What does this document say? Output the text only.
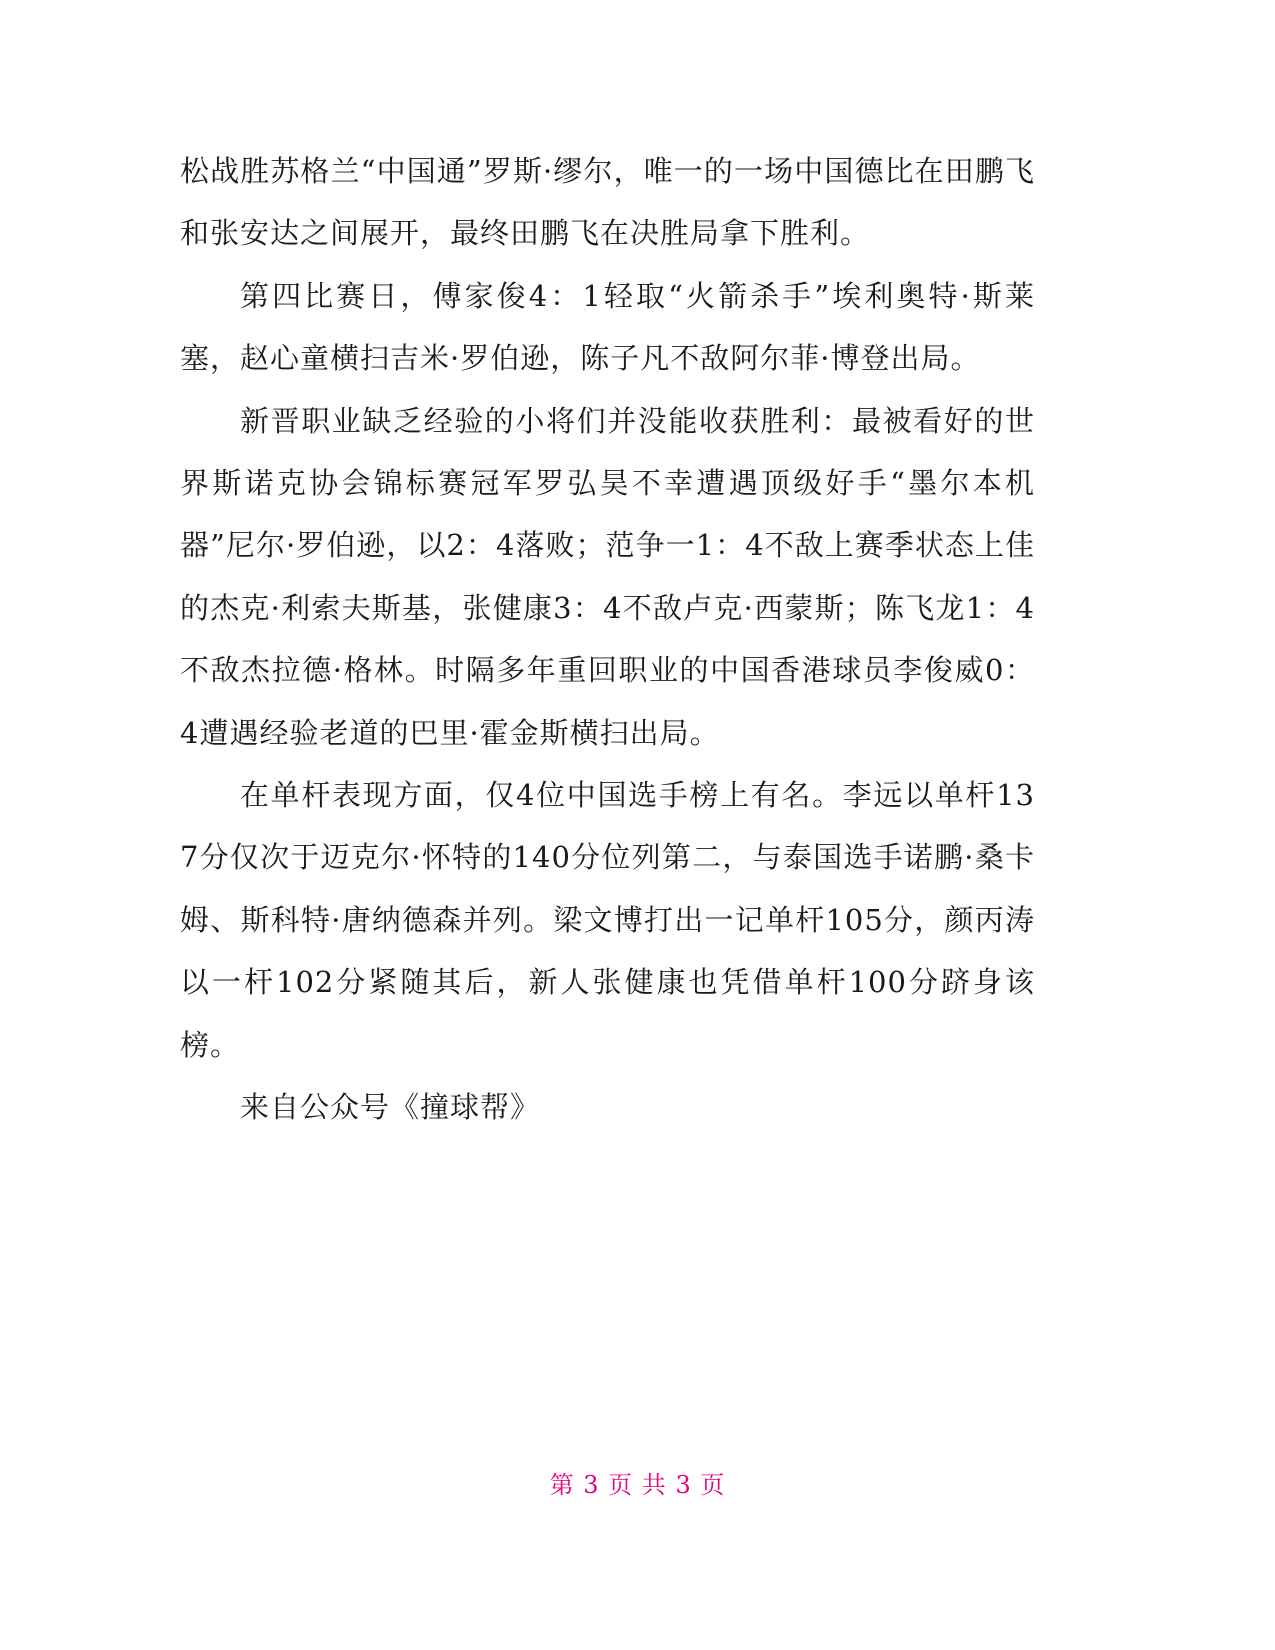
松战胜苏格兰“中国通”罗斯·缪尔，唯一的一场中国德比在田鹏飞和张安达之间展开，最终田鹏飞在决胜局拿下胜利。

第四比赛日，傅家俊4：1轻取“火箭杀手”埃利奥特·斯莱塞，赵心童横扫吉米·罗伯逊，陈子凡不敌阿尔菲·博登出局。

新晋职业缺乏经验的小将们并没能收获胜利：最被看好的世界斯诺克协会锦标赛冠军罗弘昊不幸遭遇顶级好手“墨尔本机器”尼尔·罗伯逊，以2：4落败；范争一1：4不敌上赛季状态上佳的杰克·利索夫斯基，张健康3：4不敌卢克·西蒙斯；陈飞龙1：4不敌杰拉德·格林。时隔多年重回职业的中国香港球员李俊威0：4遭遇经验老道的巴里·霍金斯横扫出局。

在单杆表现方面，仅4位中国选手榜上有名。李远以单杆137分仅次于迈克尔·怀特的140分位列第二，与泰国选手诺鹏·桑卡姆、斯科特·唐纳德森并列。梁文博打出一记单杆105分，颜丙涛以一杆102分紧随其后，新人张健康也凭借单杆100分跻身该榜。

来自公众号《撞球帮》

第 3 页 共 3 页
